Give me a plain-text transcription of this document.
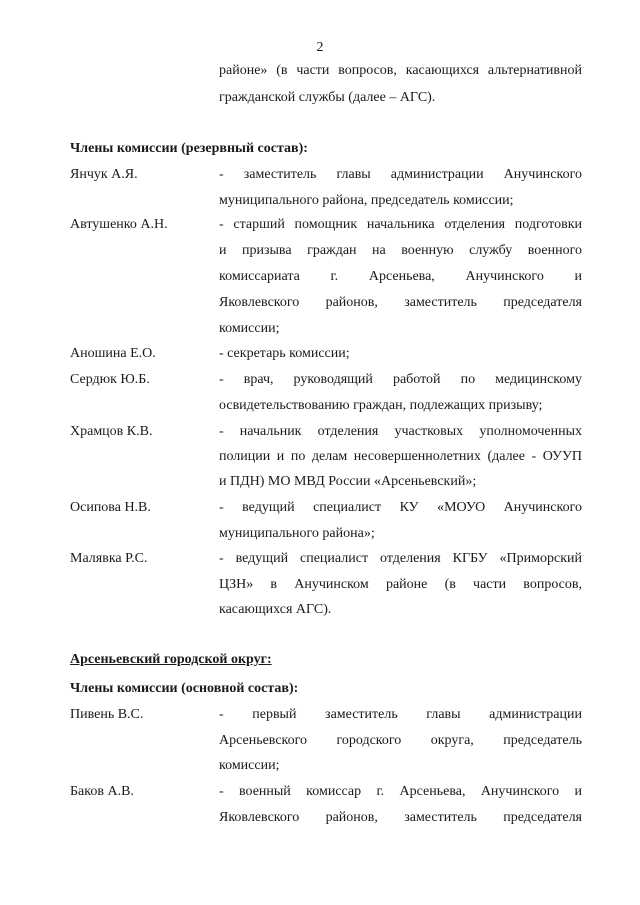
2
районе» (в части вопросов, касающихся альтернативной
гражданской службы (далее – АГС).
Члены комиссии (резервный состав):
Янчук А.Я.	- заместитель главы администрации Анучинского
муниципального района, председатель комиссии;
Автушенко А.Н.	- старший помощник начальника отделения подготовки
и призыва граждан на военную службу военного
комиссариата г. Арсеньева, Анучинского и
Яковлевского районов, заместитель председателя
комиссии;
Аношина Е.О.	- секретарь комиссии;
Сердюк Ю.Б.	- врач, руководящий работой по медицинскому
освидетельствованию граждан, подлежащих призыву;
Храмцов К.В.	- начальник отделения участковых уполномоченных
полиции и по делам несовершеннолетних (далее - ОУУП
и ПДН) МО МВД России «Арсеньевский»;
Осипова Н.В.	- ведущий специалист КУ «МОУО Анучинского
муниципального района»;
Малявка Р.С.	- ведущий специалист отделения КГБУ «Приморский
ЦЗН» в Анучинском районе (в части вопросов,
касающихся АГС).
Арсеньевский городской округ:
Члены комиссии (основной состав):
Пивень В.С.	- первый заместитель главы администрации
Арсеньевского городского округа, председатель
комиссии;
Баков А.В.	- военный комиссар г. Арсеньева, Анучинского и
Яковлевского районов, заместитель председателя
